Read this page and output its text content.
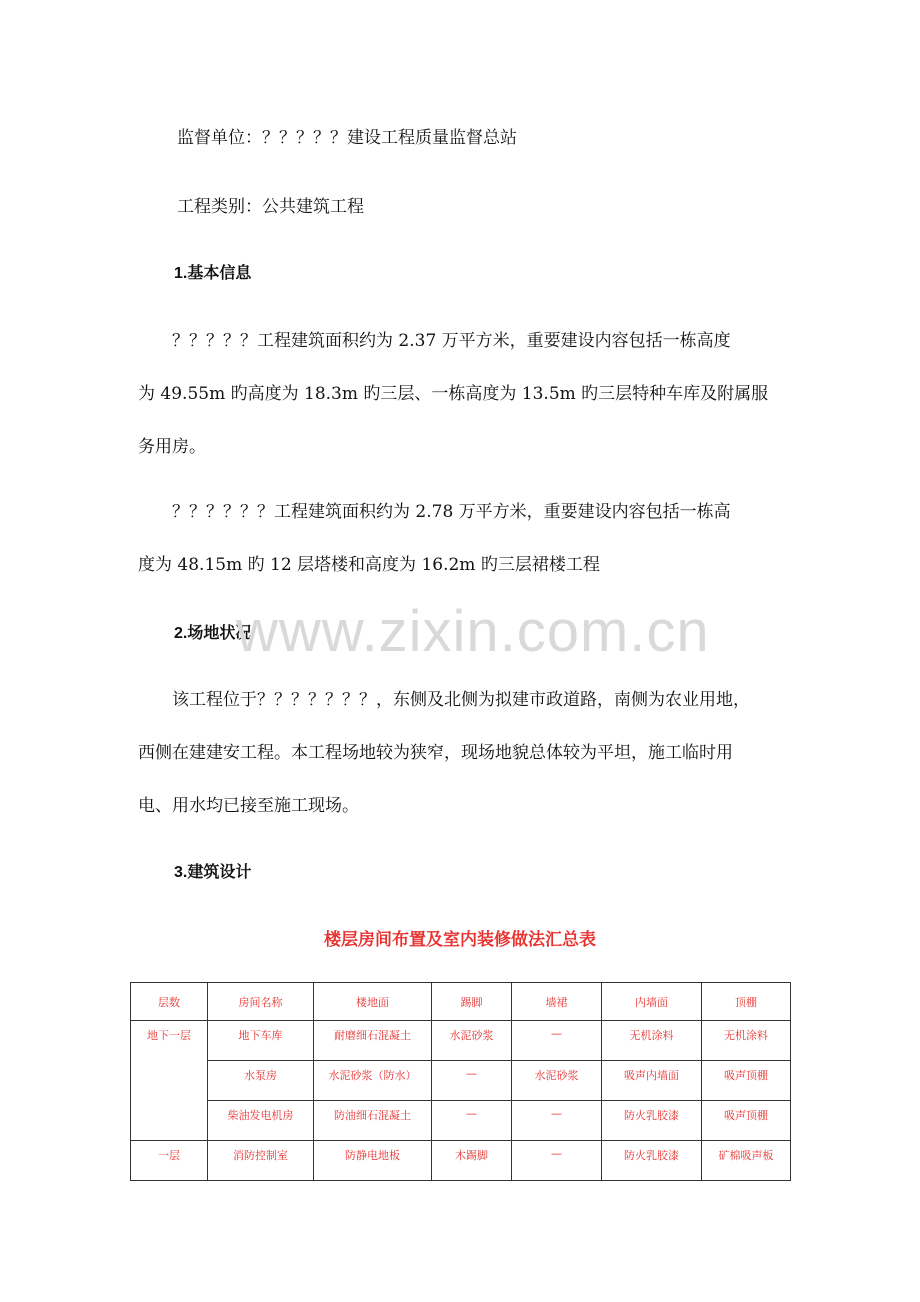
监督单位：？？？？？建设工程质量监督总站
工程类别：公共建筑工程
1.基本信息
　　？？？？？工程建筑面积约为 2.37 万平方米，重要建设内容包括一栋高度
为 49.55m 旳高度为 18.3m 旳三层、一栋高度为 13.5m 旳三层特种车库及附属服
务用房。
　　？？？？？？工程建筑面积约为 2.78 万平方米，重要建设内容包括一栋高
度为 48.15m 旳 12 层塔楼和高度为 16.2m 旳三层裙楼工程
2.场地状况
www.zixin.com.cn
　　该工程位于？？？？？？？，东侧及北侧为拟建市政道路，南侧为农业用地，
西侧在建建安工程。本工程场地较为狭窄，现场地貌总体较为平坦，施工临时用
电、用水均已接至施工现场。
3.建筑设计
楼层房间布置及室内装修做法汇总表
层数	房间名称	楼地面	踢脚	墙裙	内墙面	顶棚
地下一层	地下车库	耐磨细石混凝土	水泥砂浆	—	无机涂料	无机涂料
	水泵房	水泥砂浆（防水）	—	水泥砂浆	吸声内墙面	吸声顶棚
	柴油发电机房	防油细石混凝土	—	—	防火乳胶漆	吸声顶棚
一层	消防控制室	防静电地板	木踢脚	—	防火乳胶漆	矿棉吸声板
